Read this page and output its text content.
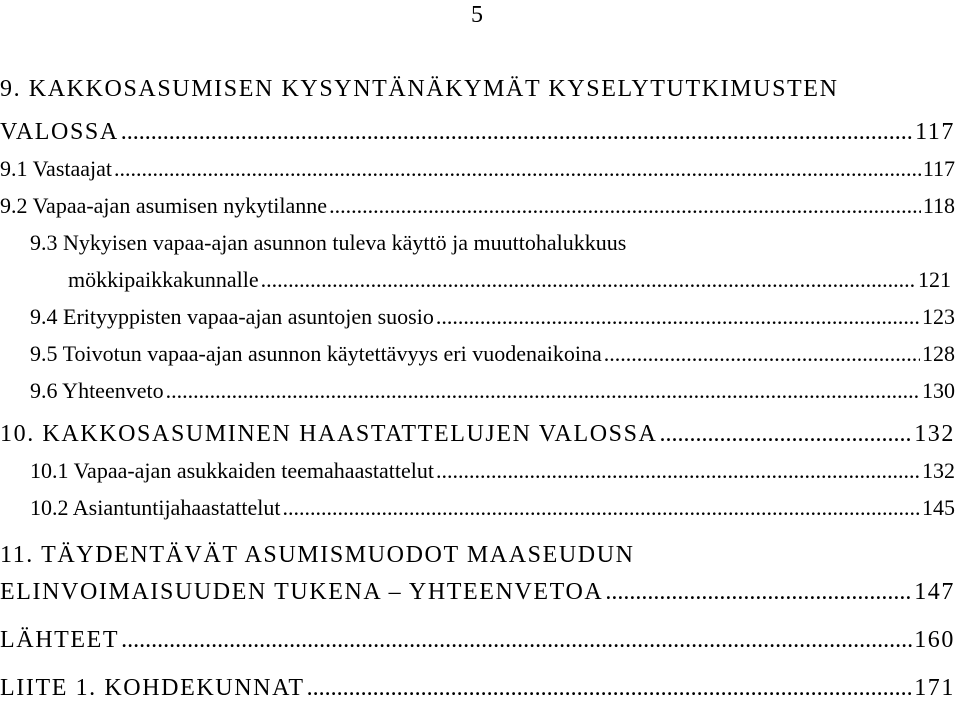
5
9. KAKKOSASUMISEN KYSYNTÄNÄKYMÄT KYSELYTUTKIMUSTEN
VALOSSA .....	117
9.1 Vastaajat .....	117
9.2 Vapaa-ajan asumisen nykytilanne .....	118
9.3 Nykyisen vapaa-ajan asunnon tuleva käyttö ja muuttohalukkuus
mökkipaikkakunnalle .....	121
9.4 Erityyppisten vapaa-ajan asuntojen suosio .....	123
9.5 Toivotun vapaa-ajan asunnon käytettävyys eri vuodenaikoina .....	128
9.6 Yhteenveto .....	130
10. KAKKOSASUMINEN HAASTATTELUJEN VALOSSA .....	132
10.1 Vapaa-ajan asukkaiden teemahaastattelut .....	132
10.2 Asiantuntijahaastattelut .....	145
11. TÄYDENTÄVÄT ASUMISMUODOT MAASEUDUN
ELINVOIMAISUUDEN TUKENA – YHTEENVETOA .....	147
LÄHTEET .....	160
LIITE 1. KOHDEKUNNAT .....	171
